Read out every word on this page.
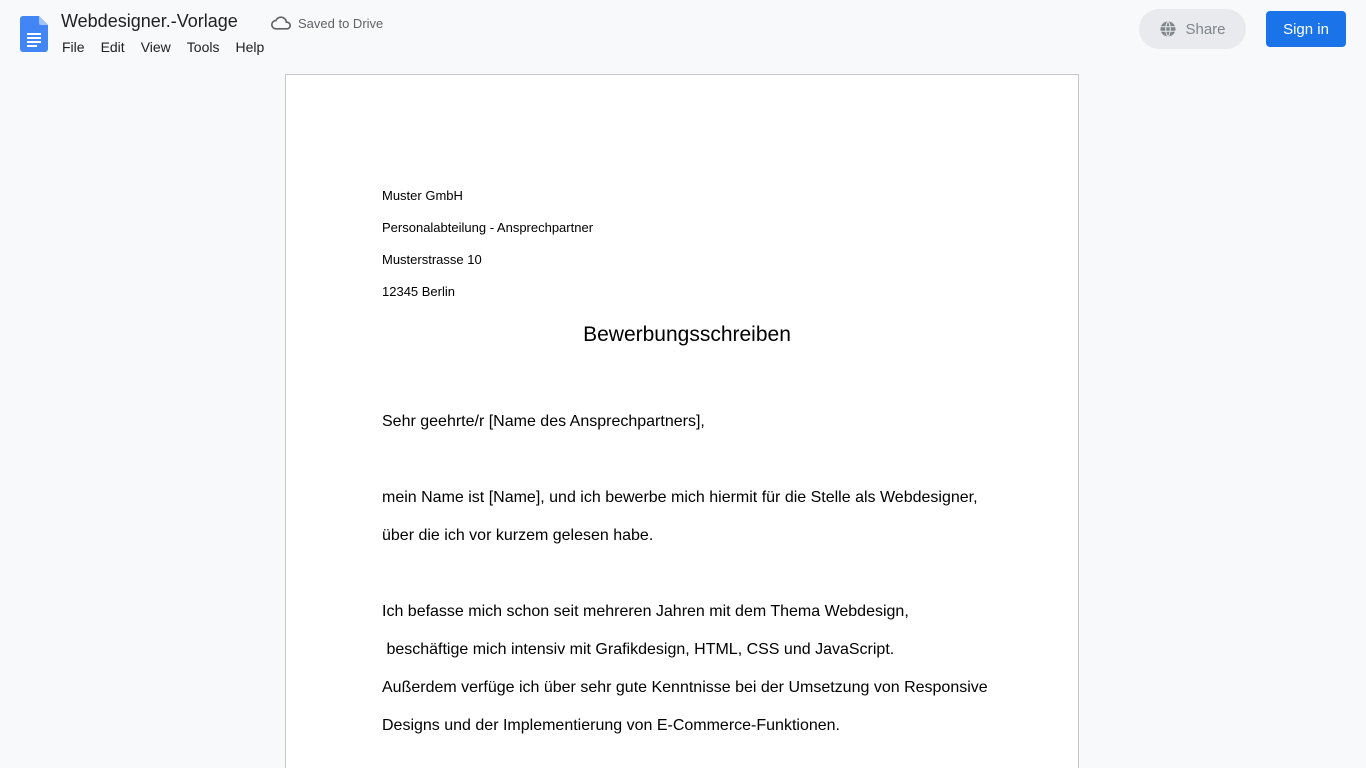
Webdesigner.-Vorlage	Saved to Drive
File	Edit	View	Tools	Help
Share	Sign in
Muster GmbH
Personalabteilung - Ansprechpartner
Musterstrasse 10
12345 Berlin
Bewerbungsschreiben
Sehr geehrte/r [Name des Ansprechpartners],
mein Name ist [Name], und ich bewerbe mich hiermit für die Stelle als Webdesigner,
über die ich vor kurzem gelesen habe.
Ich befasse mich schon seit mehreren Jahren mit dem Thema Webdesign,
beschäftige mich intensiv mit Grafikdesign, HTML, CSS und JavaScript.
Außerdem verfüge ich über sehr gute Kenntnisse bei der Umsetzung von Responsive
Designs und der Implementierung von E-Commerce-Funktionen.
